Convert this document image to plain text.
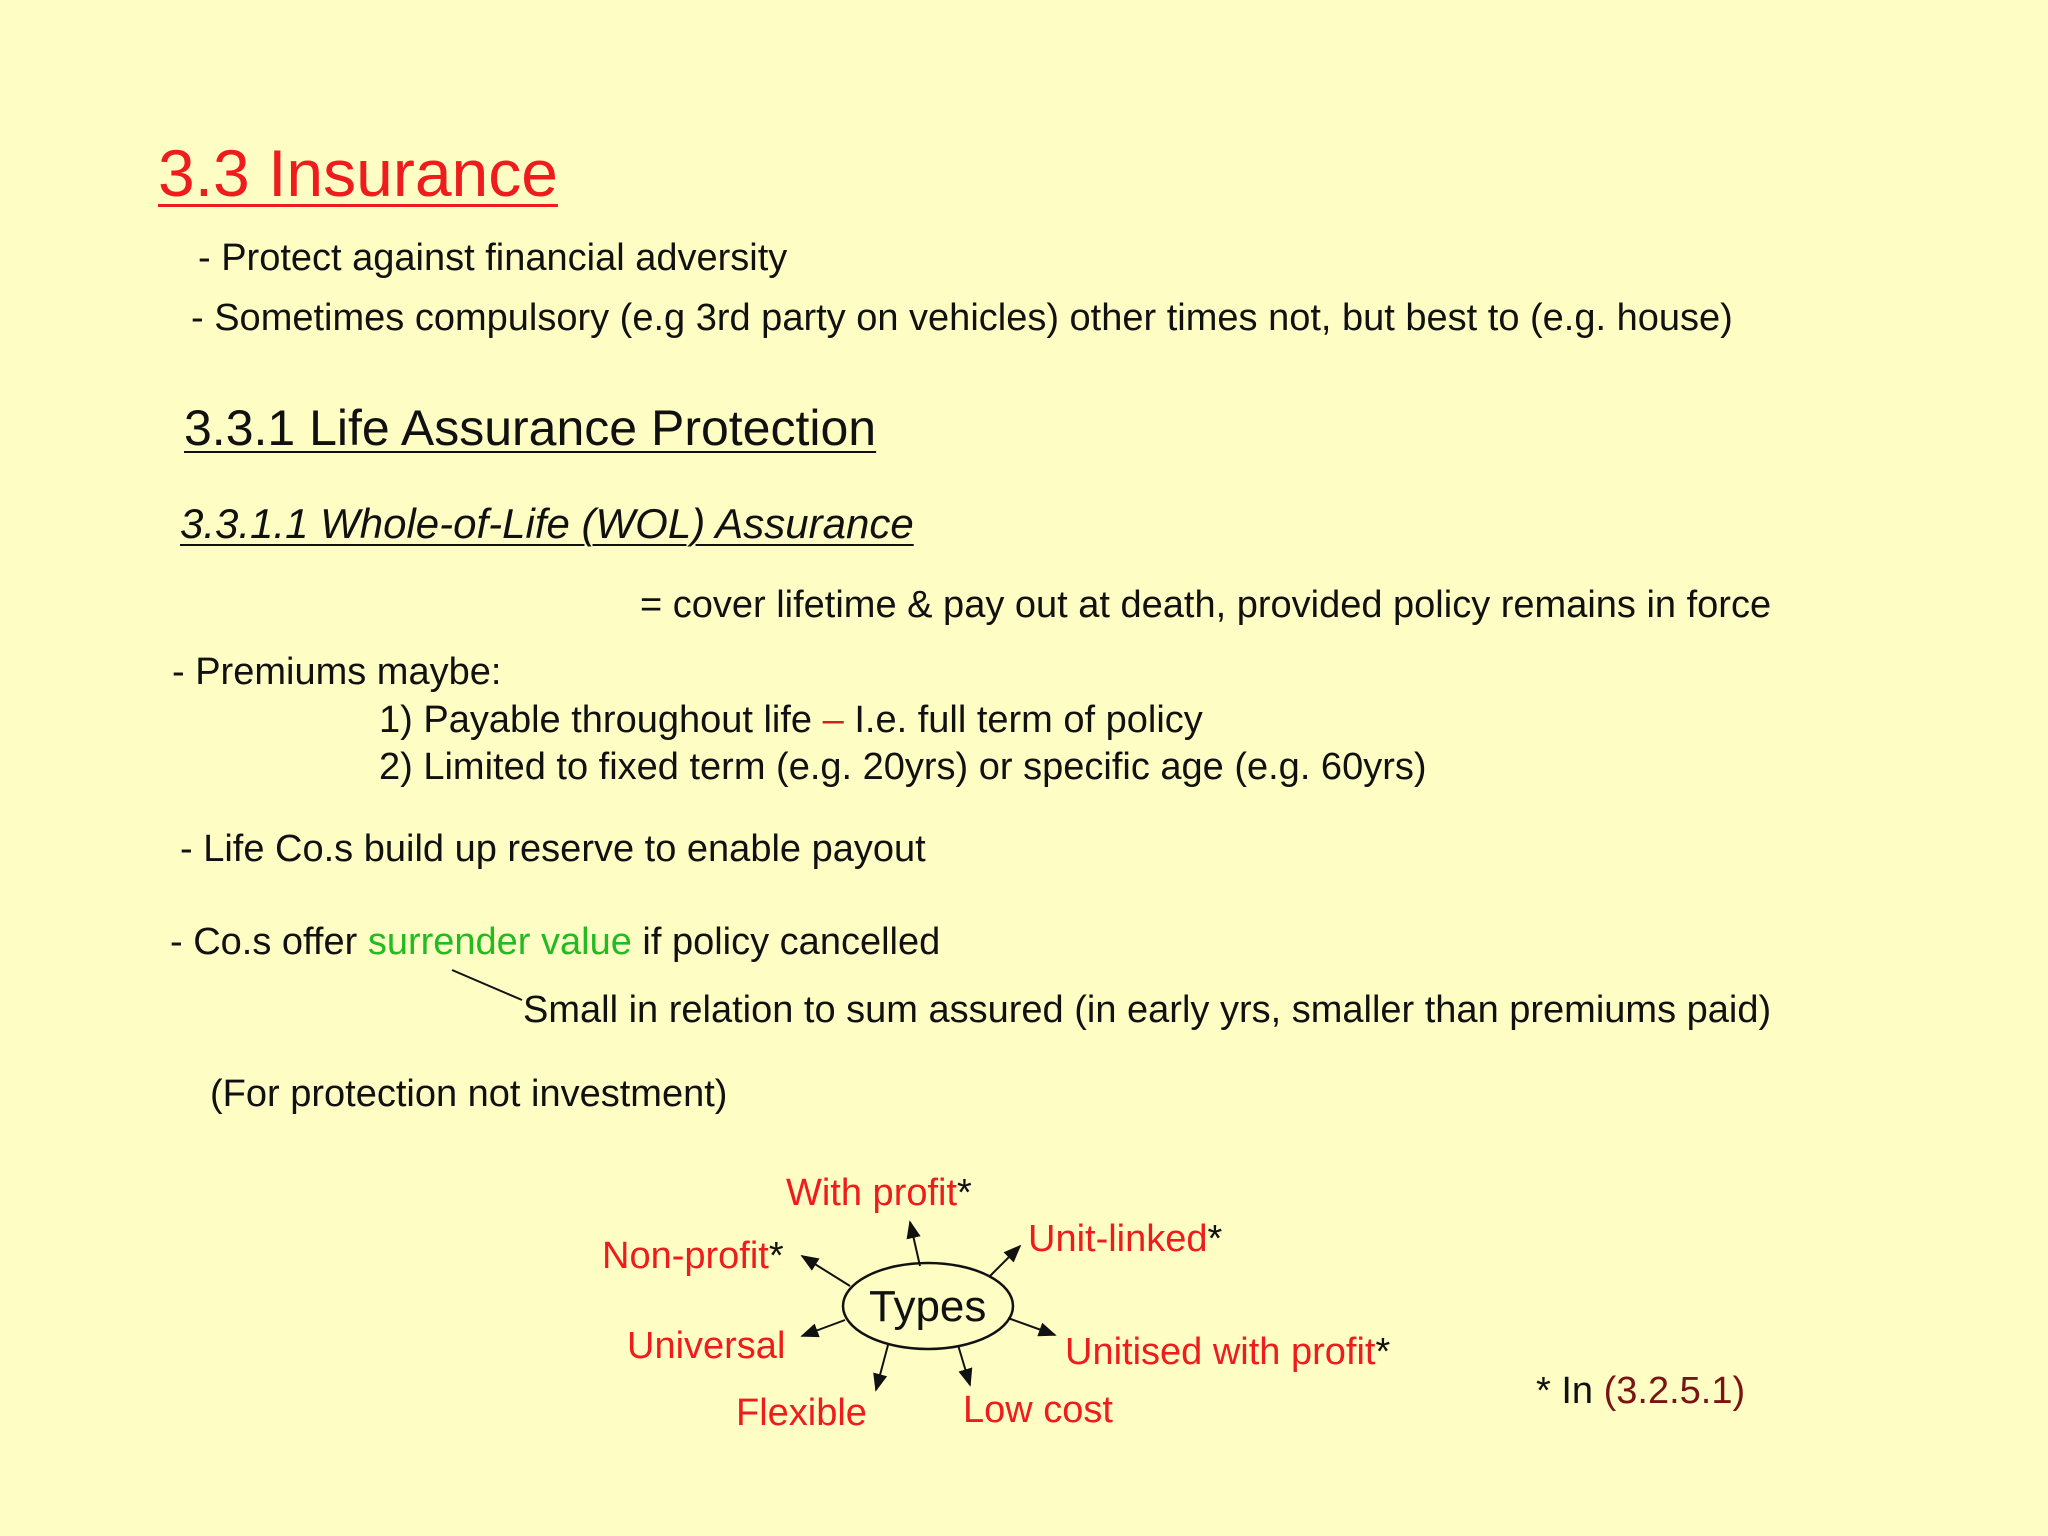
3.3 Insurance
- Protect against financial adversity
- Sometimes compulsory (e.g 3rd party on vehicles) other times not, but best to (e.g. house)
3.3.1 Life Assurance Protection
3.3.1.1 Whole-of-Life (WOL) Assurance
= cover lifetime & pay out at death, provided policy remains in force
- Premiums maybe:
1) Payable throughout life – I.e. full term of policy
2) Limited to fixed term (e.g. 20yrs) or specific age (e.g. 60yrs)
- Life Co.s build up reserve to enable payout
- Co.s offer surrender value if policy cancelled
Small in relation to sum assured (in early yrs, smaller than premiums paid)
(For protection not investment)
Types
With profit*
Unit-linked*
Non-profit*
Universal	Unitised with profit*
Flexible	Low cost	* In (3.2.5.1)
